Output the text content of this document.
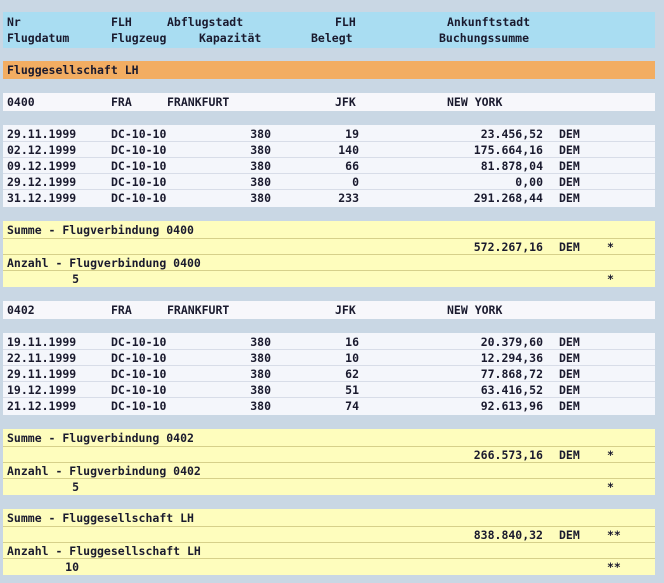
Nr	FLH	Abflugstadt	FLH	Ankunftstadt
Flugdatum	Flugzeug	Kapazität	Belegt	Buchungssumme
Fluggesellschaft LH
0400	FRA	FRANKFURT	JFK	NEW YORK
29.11.1999	DC-10-10	380	19	23.456,52 DEM
02.12.1999	DC-10-10	380	140	175.664,16 DEM
09.12.1999	DC-10-10	380	66	81.878,04 DEM
29.12.1999	DC-10-10	380	0	0,00 DEM
31.12.1999	DC-10-10	380	233	291.268,44 DEM
Summe - Flugverbindung 0400
572.267,16 DEM *
Anzahl - Flugverbindung 0400
5	*
0402	FRA	FRANKFURT	JFK	NEW YORK
19.11.1999	DC-10-10	380	16	20.379,60 DEM
22.11.1999	DC-10-10	380	10	12.294,36 DEM
29.11.1999	DC-10-10	380	62	77.868,72 DEM
19.12.1999	DC-10-10	380	51	63.416,52 DEM
21.12.1999	DC-10-10	380	74	92.613,96 DEM
Summe - Flugverbindung 0402
266.573,16 DEM *
Anzahl - Flugverbindung 0402
5	*
Summe - Fluggesellschaft LH
838.840,32 DEM **
Anzahl - Fluggesellschaft LH
10	**
